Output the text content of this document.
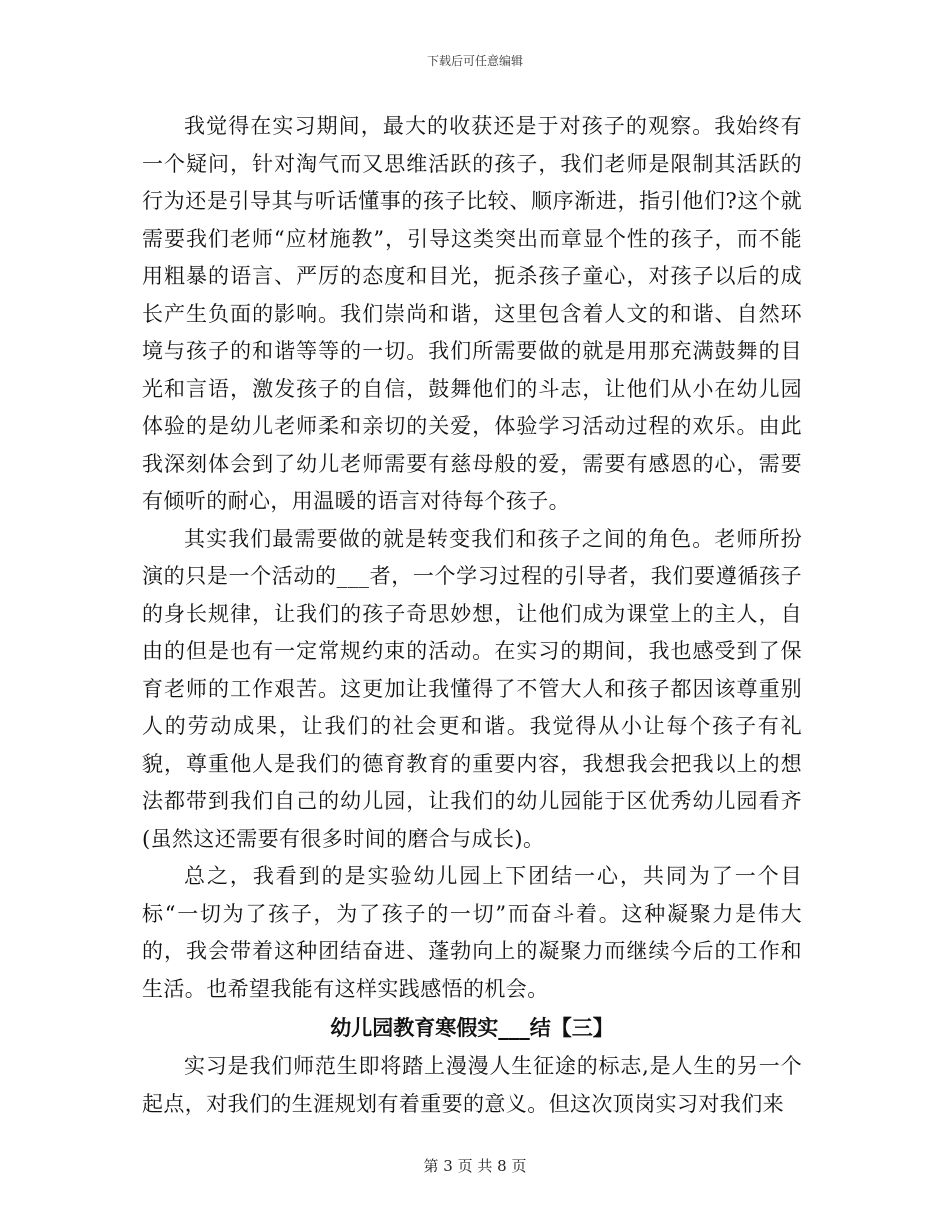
下载后可任意编辑

我觉得在实习期间，最大的收获还是于对孩子的观察。我始终有一个疑问，针对淘气而又思维活跃的孩子，我们老师是限制其活跃的行为还是引导其与听话懂事的孩子比较、顺序渐进，指引他们?这个就需要我们老师“应材施教”，引导这类突出而章显个性的孩子，而不能用粗暴的语言、严厉的态度和目光，扼杀孩子童心，对孩子以后的成长产生负面的影响。我们崇尚和谐，这里包含着人文的和谐、自然环境与孩子的和谐等等的一切。我们所需要做的就是用那充满鼓舞的目光和言语，激发孩子的自信，鼓舞他们的斗志，让他们从小在幼儿园体验的是幼儿老师柔和亲切的关爱，体验学习活动过程的欢乐。由此我深刻体会到了幼儿老师需要有慈母般的爱，需要有感恩的心，需要有倾听的耐心，用温暖的语言对待每个孩子。

其实我们最需要做的就是转变我们和孩子之间的角色。老师所扮演的只是一个活动的___者，一个学习过程的引导者，我们要遵循孩子的身长规律，让我们的孩子奇思妙想，让他们成为课堂上的主人，自由的但是也有一定常规约束的活动。在实习的期间，我也感受到了保育老师的工作艰苦。这更加让我懂得了不管大人和孩子都因该尊重别人的劳动成果，让我们的社会更和谐。我觉得从小让每个孩子有礼貌，尊重他人是我们的德育教育的重要内容，我想我会把我以上的想法都带到我们自己的幼儿园，让我们的幼儿园能于区优秀幼儿园看齐(虽然这还需要有很多时间的磨合与成长)。

总之，我看到的是实验幼儿园上下团结一心，共同为了一个目标“一切为了孩子，为了孩子的一切”而奋斗着。这种凝聚力是伟大的，我会带着这种团结奋进、蓬勃向上的凝聚力而继续今后的工作和生活。也希望我能有这样实践感悟的机会。

幼儿园教育寒假实___结【三】

实习是我们师范生即将踏上漫漫人生征途的标志,是人生的另一个起点，对我们的生涯规划有着重要的意义。但这次顶岗实习对我们来

第 3 页 共 8 页
